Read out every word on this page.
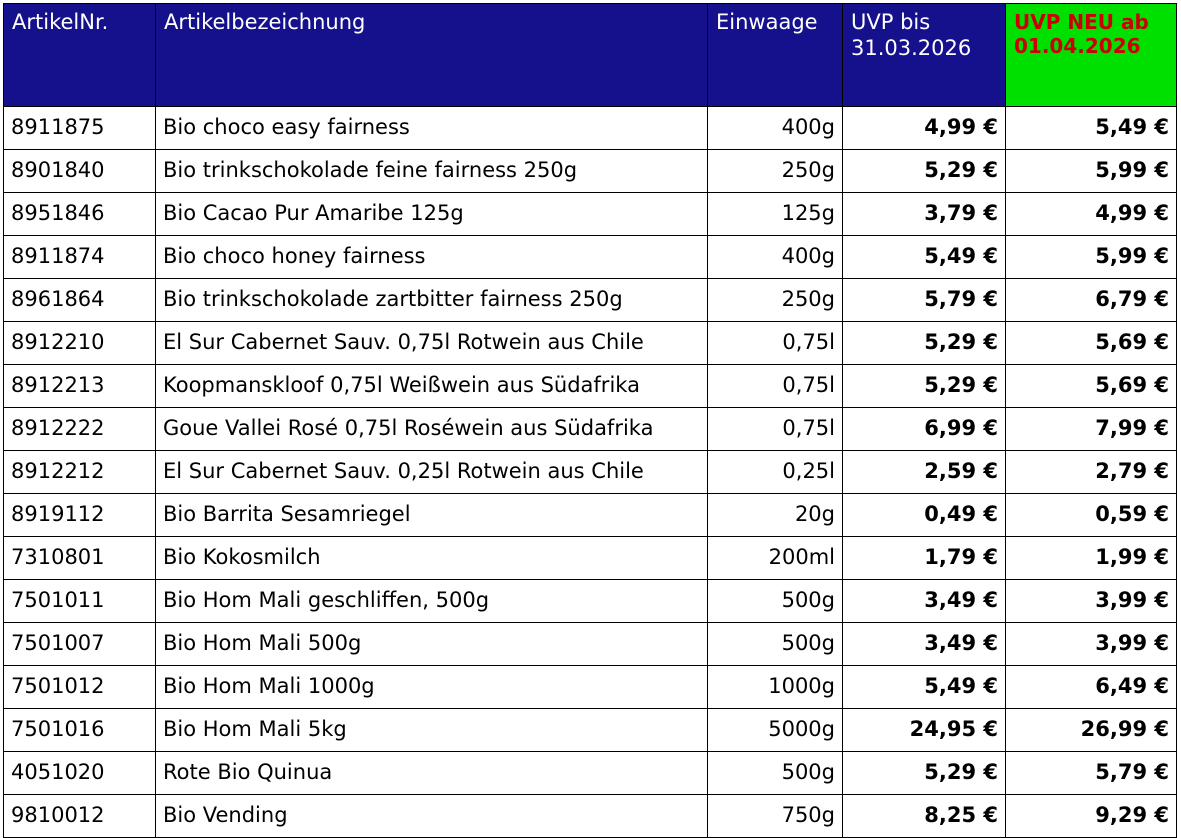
ArtikelNr.	Artikelbezeichnung	Einwaage	UVP bis 31.03.2026	UVP NEU ab 01.04.2026
8911875	Bio choco easy fairness	400g	4,99 €	5,49 €
8901840	Bio trinkschokolade feine fairness 250g	250g	5,29 €	5,99 €
8951846	Bio Cacao Pur Amaribe 125g	125g	3,79 €	4,99 €
8911874	Bio choco honey fairness	400g	5,49 €	5,99 €
8961864	Bio trinkschokolade zartbitter fairness 250g	250g	5,79 €	6,79 €
8912210	El Sur Cabernet Sauv. 0,75l Rotwein aus Chile	0,75l	5,29 €	5,69 €
8912213	Koopmanskloof 0,75l Weißwein aus Südafrika	0,75l	5,29 €	5,69 €
8912222	Goue Vallei Rosé 0,75l Roséwein aus Südafrika	0,75l	6,99 €	7,99 €
8912212	El Sur Cabernet Sauv. 0,25l Rotwein aus Chile	0,25l	2,59 €	2,79 €
8919112	Bio Barrita Sesamriegel	20g	0,49 €	0,59 €
7310801	Bio Kokosmilch	200ml	1,79 €	1,99 €
7501011	Bio Hom Mali geschliffen, 500g	500g	3,49 €	3,99 €
7501007	Bio Hom Mali 500g	500g	3,49 €	3,99 €
7501012	Bio Hom Mali 1000g	1000g	5,49 €	6,49 €
7501016	Bio Hom Mali 5kg	5000g	24,95 €	26,99 €
4051020	Rote Bio Quinua	500g	5,29 €	5,79 €
9810012	Bio Vending	750g	8,25 €	9,29 €
